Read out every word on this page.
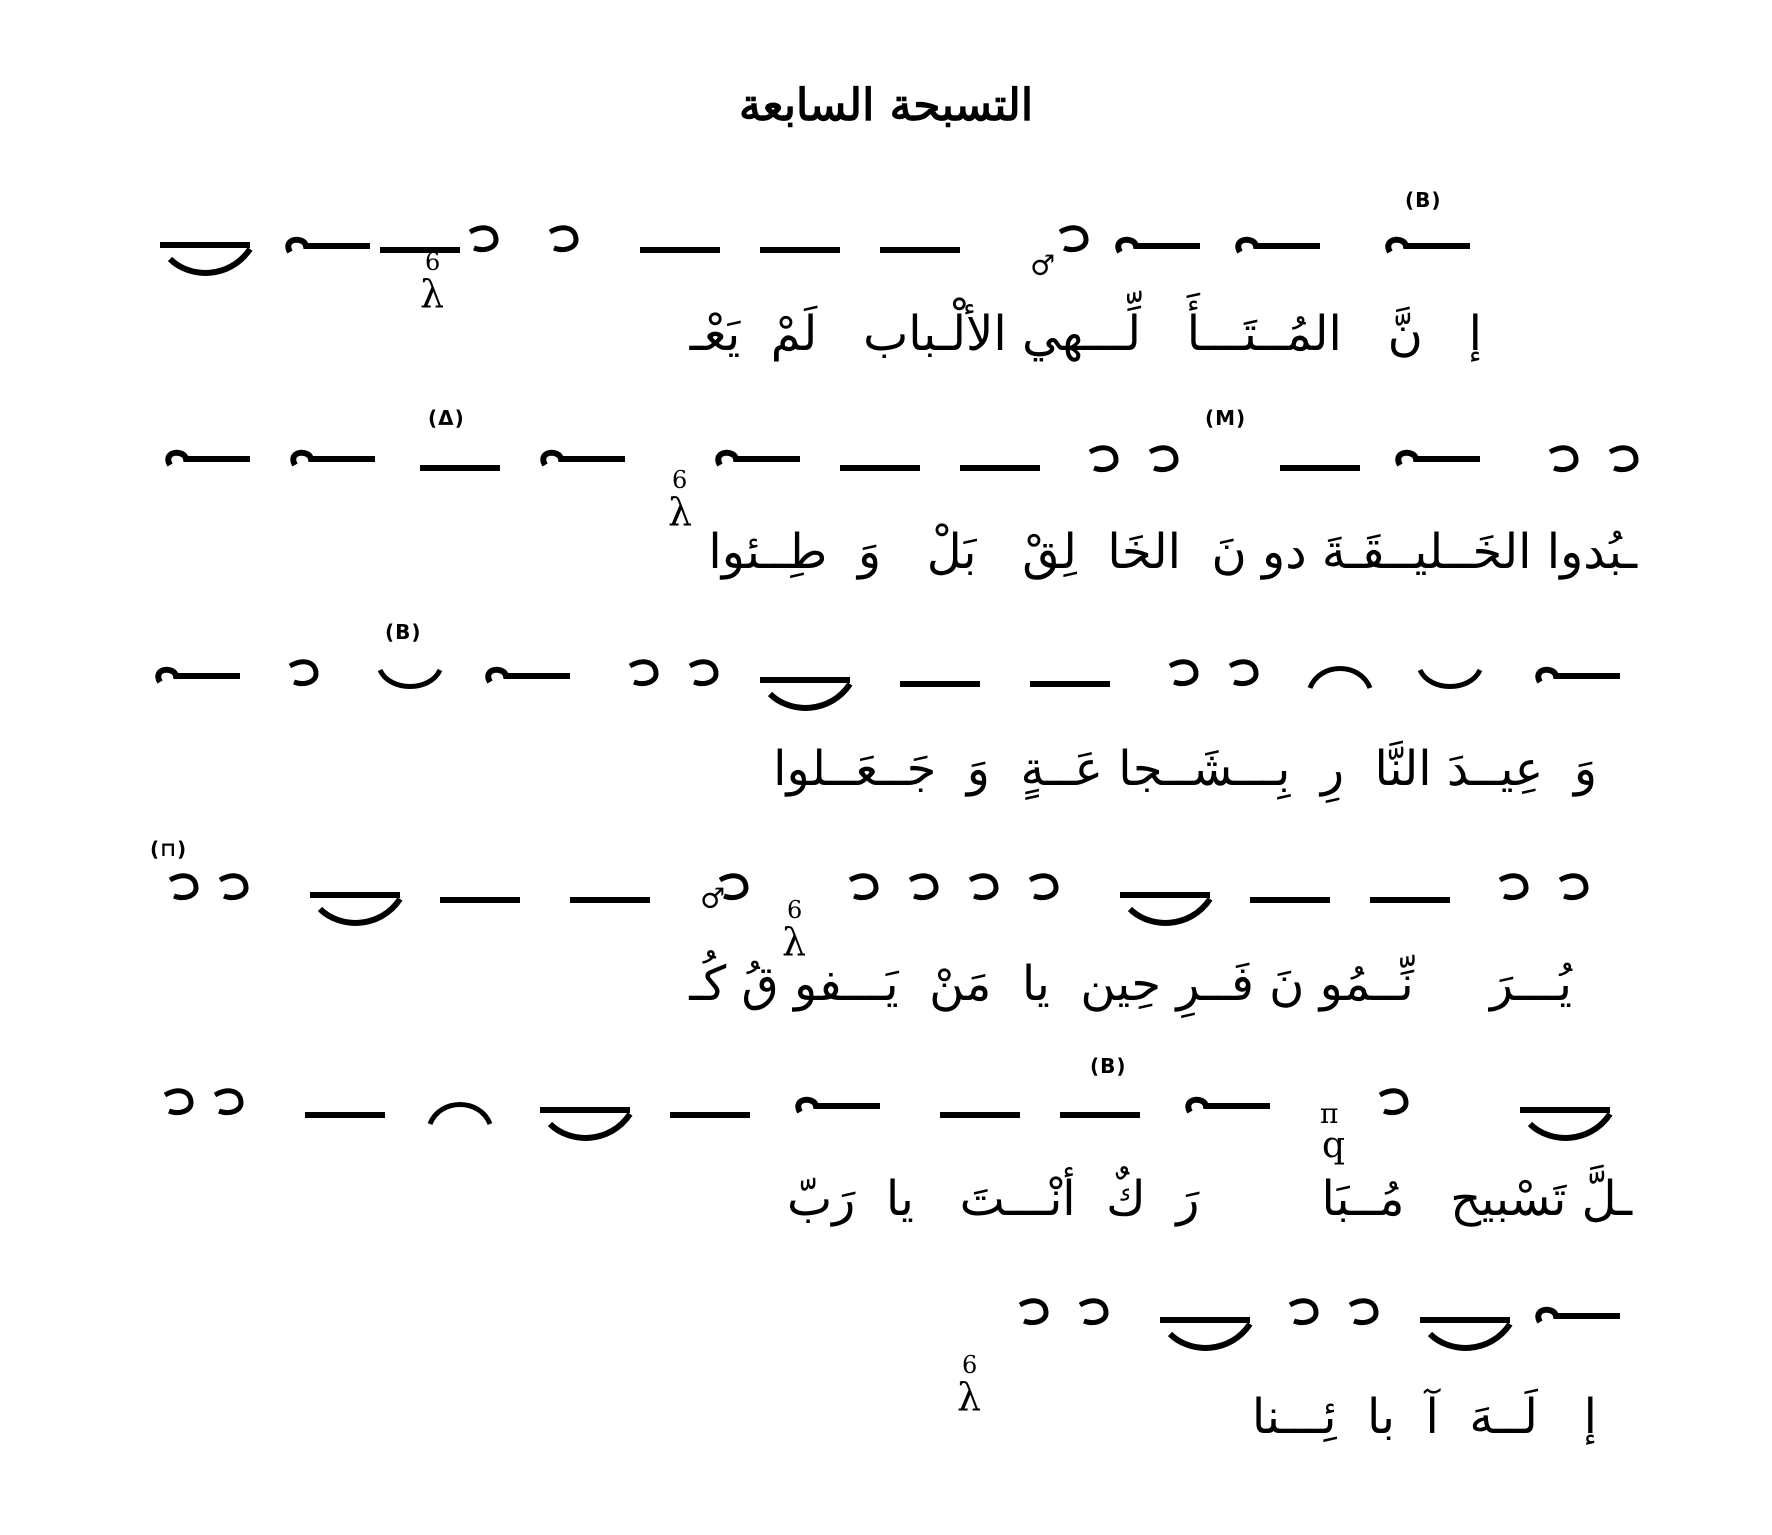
التسبحة السابعة
(B)
(M)
(Δ)
(B)
(⊓)
(B)
6
λ
♂
6
λ
6
λ
♂
π
q
6
λ
إ   نَّ   المُــتَـــأَ   لِّـــهي الألْـباب   لَمْ  يَعْـ
ـبُدوا الخَــليــقَـةَ دو نَ  الخَا  لِقْ   بَلْ   وَ  طِــئوا
وَ  عِيــدَ النَّا  رِ  بِـــشَــجا عَــةٍ  وَ  جَــعَــلوا
يُـــرَ     نِّــمُو نَ فَــرِ حِين  يا  مَنْ  يَـــفو قُ كُـ
ـلَّ تَسْبيح   مُــبَا        رَ  كٌ  أنْـــتَ   يا  رَبّ
إ   لَــهَ  آ  با  ئِـــنا
